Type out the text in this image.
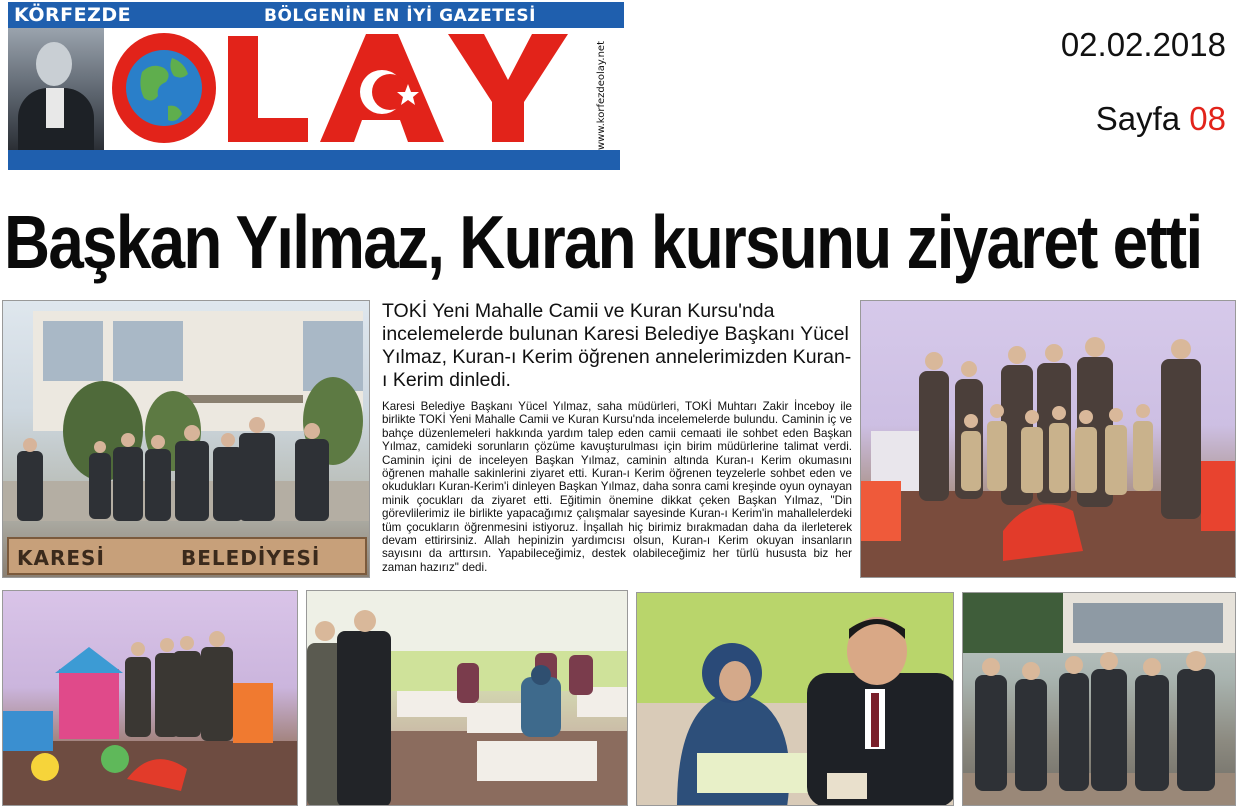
KÖRFEZDE	BÖLGENİN EN İYİ GAZETESİ
www.korfezdeolay.net	02.02.2018
Sayfa 08
Başkan Yılmaz, Kuran kursunu ziyaret etti
KARESİ	BELEDİYESİ

TOKİ Yeni Mahalle Camii ve Kuran Kursu'nda incelemelerde bulunan Karesi Belediye Başkanı Yücel Yılmaz, Kuran-ı Kerim öğrenen annelerimizden Kuran-ı Kerim dinledi.

Karesi Belediye Başkanı Yücel Yılmaz, saha müdürleri, TOKİ Muhtarı Zakir İnceboy ile birlikte TOKİ Yeni Mahalle Camii ve Kuran Kursu'nda incelemelerde bulundu. Caminin iç ve bahçe düzenlemeleri hakkında yardım talep eden camii cemaati ile sohbet eden Başkan Yılmaz, camideki sorunların çözüme kavuşturulması için birim müdürlerine talimat verdi. Caminin içini de inceleyen Başkan Yılmaz, caminin altında Kuran-ı Kerim okumasını öğrenen mahalle sakinlerini ziyaret etti. Kuran-ı Kerim öğrenen teyzelerle sohbet eden ve okudukları Kuran-Kerim'i dinleyen Başkan Yılmaz, daha sonra cami kreşinde oyun oynayan minik çocukları da ziyaret etti. Eğitimin önemine dikkat çeken Başkan Yılmaz, "Din görevlilerimiz ile birlikte yapacağımız çalışmalar sayesinde Kuran-ı Kerim'in mahallelerdeki tüm çocukların öğrenmesini istiyoruz. İnşallah hiç birimiz bırakmadan daha da ilerleterek devam ettirirsiniz. Allah hepinizin yardımcısı olsun, Kuran-ı Kerim okuyan insanların sayısını da arttırsın. Yapabileceğimiz, destek olabileceğimiz her türlü hususta biz her zaman hazırız" dedi.
